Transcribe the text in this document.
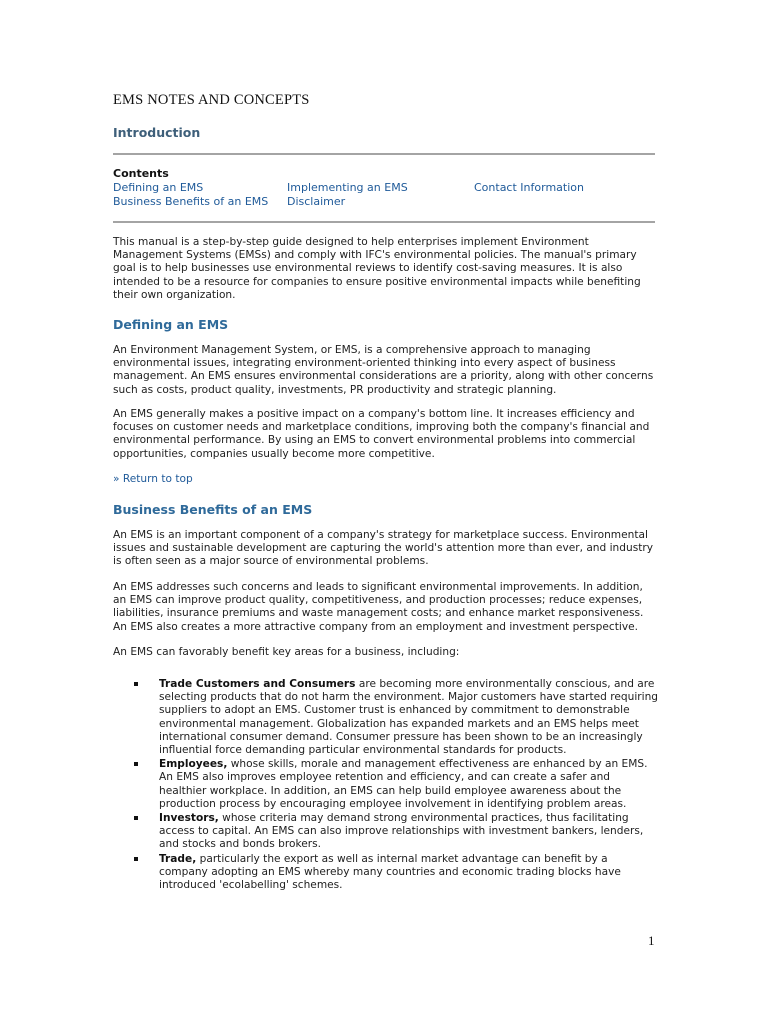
EMS NOTES AND CONCEPTS
Introduction
Contents
Defining an EMS	Implementing an EMS	Contact Information
Business Benefits of an EMS Disclaimer

This manual is a step-by-step guide designed to help enterprises implement Environment Management Systems (EMSs) and comply with IFC's environmental policies. The manual's primary goal is to help businesses use environmental reviews to identify cost-saving measures. It is also intended to be a resource for companies to ensure positive environmental impacts while benefiting their own organization.

Defining an EMS

An Environment Management System, or EMS, is a comprehensive approach to managing environmental issues, integrating environment-oriented thinking into every aspect of business management. An EMS ensures environmental considerations are a priority, along with other concerns such as costs, product quality, investments, PR productivity and strategic planning.

An EMS generally makes a positive impact on a company's bottom line. It increases efficiency and focuses on customer needs and marketplace conditions, improving both the company's financial and environmental performance. By using an EMS to convert environmental problems into commercial opportunities, companies usually become more competitive.

» Return to top
Business Benefits of an EMS

An EMS is an important component of a company's strategy for marketplace success. Environmental issues and sustainable development are capturing the world's attention more than ever, and industry is often seen as a major source of environmental problems.

An EMS addresses such concerns and leads to significant environmental improvements. In addition, an EMS can improve product quality, competitiveness, and production processes; reduce expenses, liabilities, insurance premiums and waste management costs; and enhance market responsiveness. An EMS also creates a more attractive company from an employment and investment perspective.

An EMS can favorably benefit key areas for a business, including:

Trade Customers and Consumers are becoming more environmentally conscious, and are selecting products that do not harm the environment. Major customers have started requiring suppliers to adopt an EMS. Customer trust is enhanced by commitment to demonstrable environmental management. Globalization has expanded markets and an EMS helps meet international consumer demand. Consumer pressure has been shown to be an increasingly influential force demanding particular environmental standards for products.
Employees, whose skills, morale and management effectiveness are enhanced by an EMS. An EMS also improves employee retention and efficiency, and can create a safer and healthier workplace. In addition, an EMS can help build employee awareness about the production process by encouraging employee involvement in identifying problem areas.
Investors, whose criteria may demand strong environmental practices, thus facilitating access to capital. An EMS can also improve relationships with investment bankers, lenders, and stocks and bonds brokers.
Trade, particularly the export as well as internal market advantage can benefit by a company adopting an EMS whereby many countries and economic trading blocks have introduced 'ecolabelling' schemes.
1
